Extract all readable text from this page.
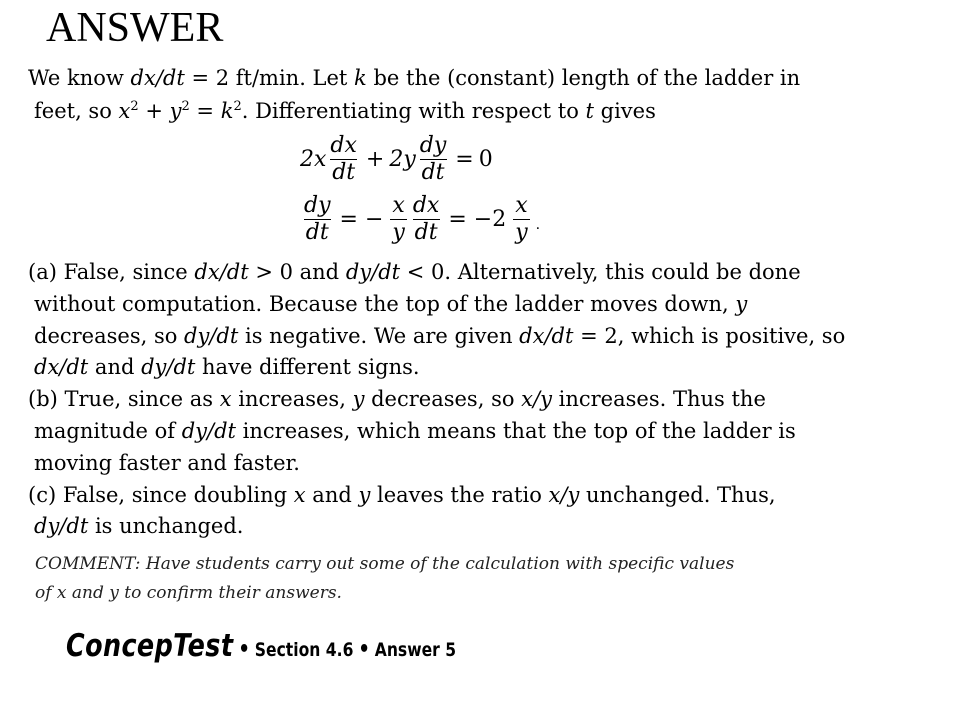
ANSWER
We know dx/dt = 2 ft/min. Let k be the (constant) length of the ladder in
feet, so $x^2 + y^2 = k^2$. Differentiating with respect to t gives
$2x \frac{dx}{dt} + 2y \frac{dy}{dt} = 0$
$\frac{dy}{dt}$ = − $\frac{x}{y} \frac{dx}{dt} = -2 \frac{x}{y}$ .
(a) False, since dx/dt > 0 and dy/dt < 0. Alternatively, this could be done
without computation. Because the top of the ladder moves down, y
decreases, so dy/dt is negative. We are given dx/dt = 2, which is positive, so
dx/dt and dy/dt have different signs.
(b) True, since as x increases, y decreases, so x/y increases. Thus the
magnitude of dy/dt increases, which means that the top of the ladder is
moving faster and faster.
(c) False, since doubling x and y leaves the ratio x/y unchanged. Thus,
dy/dt is unchanged.
COMMENT: Have students carry out some of the calculation with specific values
of x and y to confirm their answers.
ConcepTest • Section 4.6 • Answer 5
